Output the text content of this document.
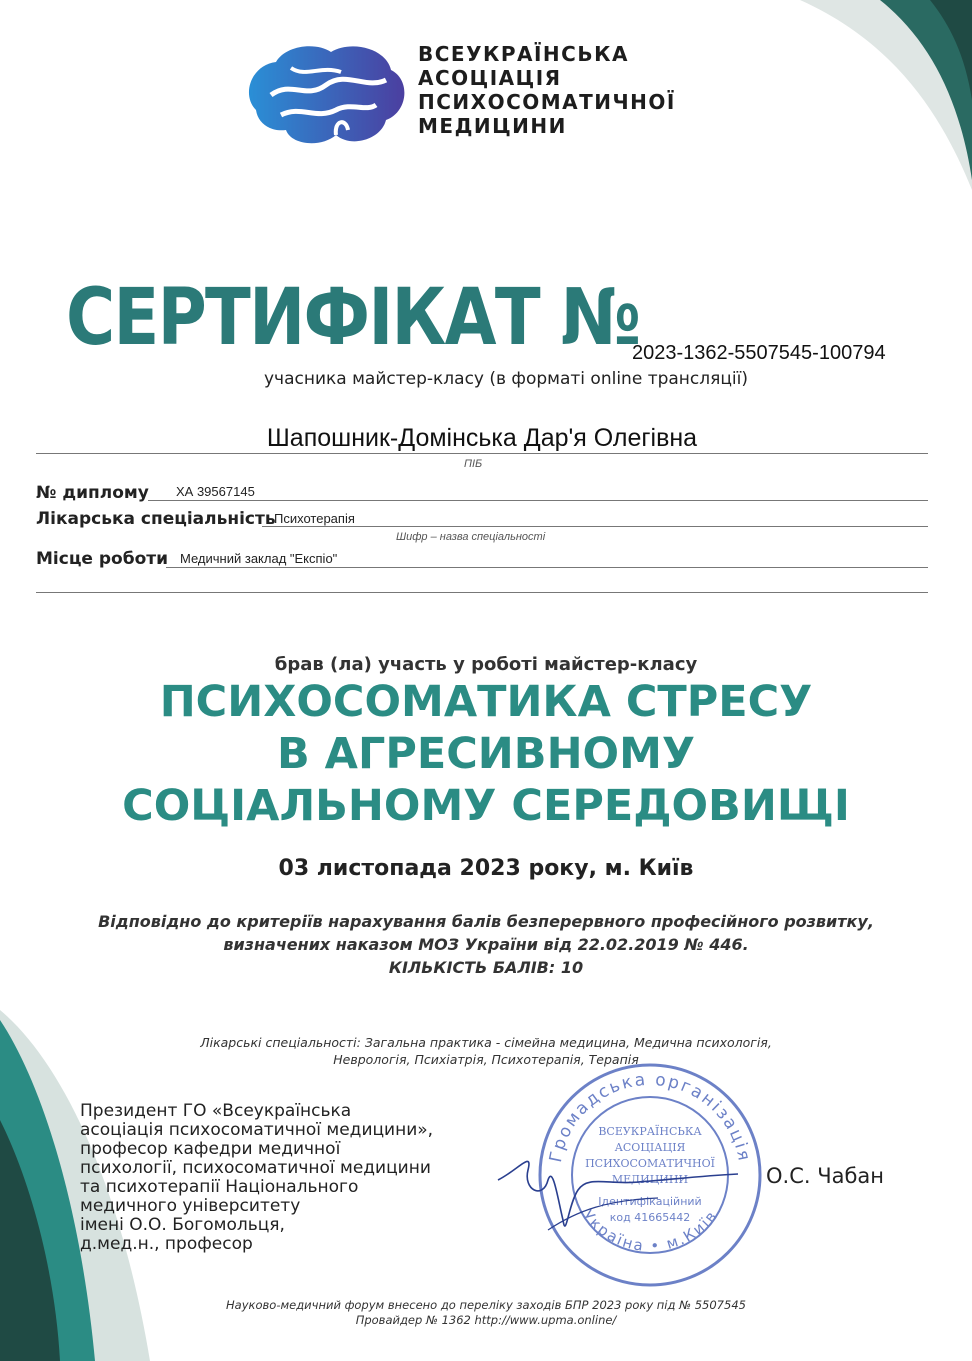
ВСЕУКРАЇНСЬКА
АСОЦІАЦІЯ
ПСИХОСОМАТИЧНОЇ
МЕДИЦИНИ
СЕРТИФІКАТ №
2023-1362-5507545-100794
учасника майстер-класу (в форматі online трансляції)
Шапошник-Домінська Дар'я Олегівна
ПІБ
№ диплому ХА 39567145
Лікарська спеціальність
Психотерапія
Шифр – назва спеціальності
Місце роботи Медичний заклад "Експіо"
брав (ла) участь у роботі майстер-класу
ПСИХОСОМАТИКА СТРЕСУ
В АГРЕСИВНОМУ
СОЦІАЛЬНОМУ СЕРЕДОВИЩІ
03 листопада 2023 року, м. Київ
Відповідно до критеріїв нарахування балів безперервного професійного розвитку,
визначених наказом МОЗ України від 22.02.2019 № 446.
КІЛЬКІСТЬ БАЛІВ: 10
Лікарські спеціальності: Загальна практика - сімейна медицина, Медична психологія,
Неврологія, Психіатрія, Психотерапія, Терапія
Президент ГО «Всеукраїнська
асоціація психосоматичної медицини»,
професор кафедри медичної
психології, психосоматичної медицини
та психотерапії Національного
медичного університету
імені О.О. Богомольця,
д.мед.н., професор
Громадська організація
Україна • м.Київ
ВСЕУКРАЇНСЬКА
АСОЦІАЦІЯ
ПСИХОСОМАТИЧНОЇ
МЕДИЦИНИ
Ідентифікаційний
код 41665442
О.С. Чабан
Науково-медичний форум внесено до переліку заходів БПР 2023 року під № 5507545
Провайдер № 1362 http://www.upma.online/
